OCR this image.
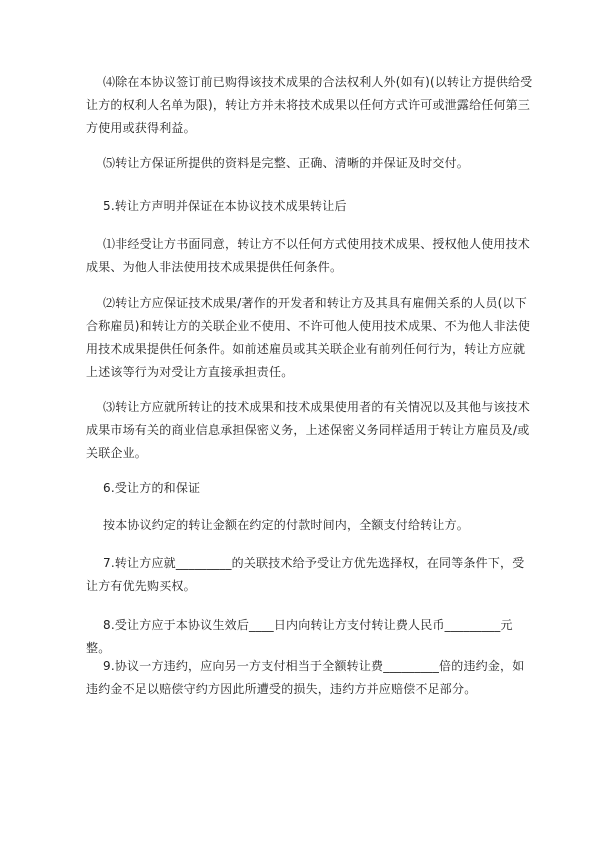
⑷除在本协议签订前已购得该技术成果的合法权利人外(如有)(以转让方提供给受让方的权利人名单为限)，转让方并未将技术成果以任何方式许可或泄露给任何第三方使用或获得利益。
⑸转让方保证所提供的资料是完整、正确、清晰的并保证及时交付。
5.转让方声明并保证在本协议技术成果转让后
⑴非经受让方书面同意，转让方不以任何方式使用技术成果、授权他人使用技术成果、为他人非法使用技术成果提供任何条件。
⑵转让方应保证技术成果/著作的开发者和转让方及其具有雇佣关系的人员(以下合称雇员)和转让方的关联企业不使用、不许可他人使用技术成果、不为他人非法使用技术成果提供任何条件。如前述雇员或其关联企业有前列任何行为，转让方应就上述该等行为对受让方直接承担责任。
⑶转让方应就所转让的技术成果和技术成果使用者的有关情况以及其他与该技术成果市场有关的商业信息承担保密义务，上述保密义务同样适用于转让方雇员及/或关联企业。
6.受让方的和保证
按本协议约定的转让金额在约定的付款时间内，全额支付给转让方。
7.转让方应就_________的关联技术给予受让方优先选择权，在同等条件下，受让方有优先购买权。
8.受让方应于本协议生效后____日内向转让方支付转让费人民币_________元整。
9.协议一方违约，应向另一方支付相当于全额转让费_________倍的违约金，如违约金不足以赔偿守约方因此所遭受的损失，违约方并应赔偿不足部分。
